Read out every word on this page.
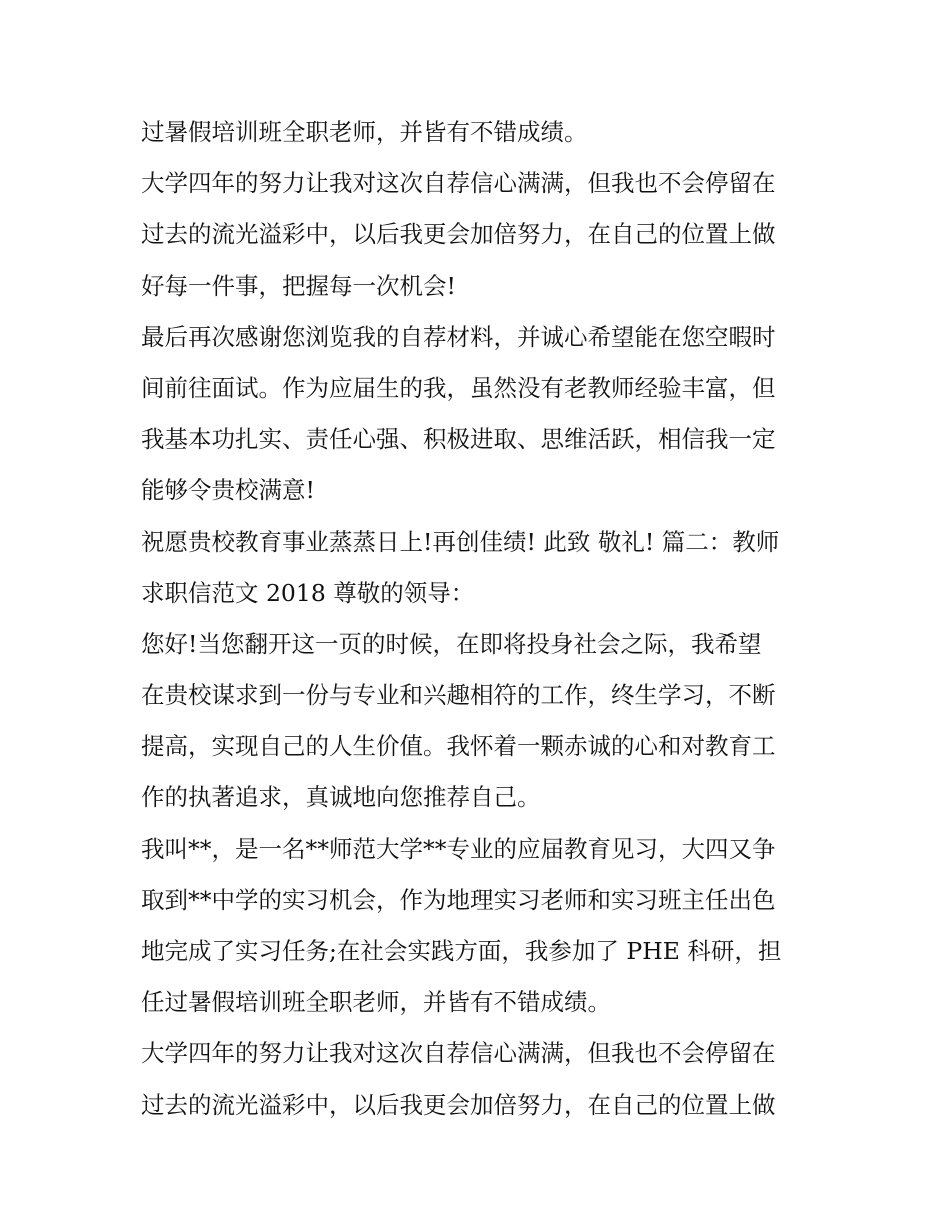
过暑假培训班全职老师，并皆有不错成绩。
大学四年的努力让我对这次自荐信心满满，但我也不会停留在
过去的流光溢彩中，以后我更会加倍努力，在自己的位置上做
好每一件事，把握每一次机会!
最后再次感谢您浏览我的自荐材料，并诚心希望能在您空暇时
间前往面试。作为应届生的我，虽然没有老教师经验丰富，但
我基本功扎实、责任心强、积极进取、思维活跃，相信我一定
能够令贵校满意!
祝愿贵校教育事业蒸蒸日上!再创佳绩! 此致 敬礼! 篇二：教师
求职信范文 2018 尊敬的领导：
您好!当您翻开这一页的时候，在即将投身社会之际，我希望
在贵校谋求到一份与专业和兴趣相符的工作，终生学习，不断
提高，实现自己的人生价值。我怀着一颗赤诚的心和对教育工
作的执著追求，真诚地向您推荐自己。
我叫**，是一名**师范大学**专业的应届教育见习，大四又争
取到**中学的实习机会，作为地理实习老师和实习班主任出色
地完成了实习任务;在社会实践方面，我参加了 PHE 科研，担
任过暑假培训班全职老师，并皆有不错成绩。
大学四年的努力让我对这次自荐信心满满，但我也不会停留在
过去的流光溢彩中，以后我更会加倍努力，在自己的位置上做
